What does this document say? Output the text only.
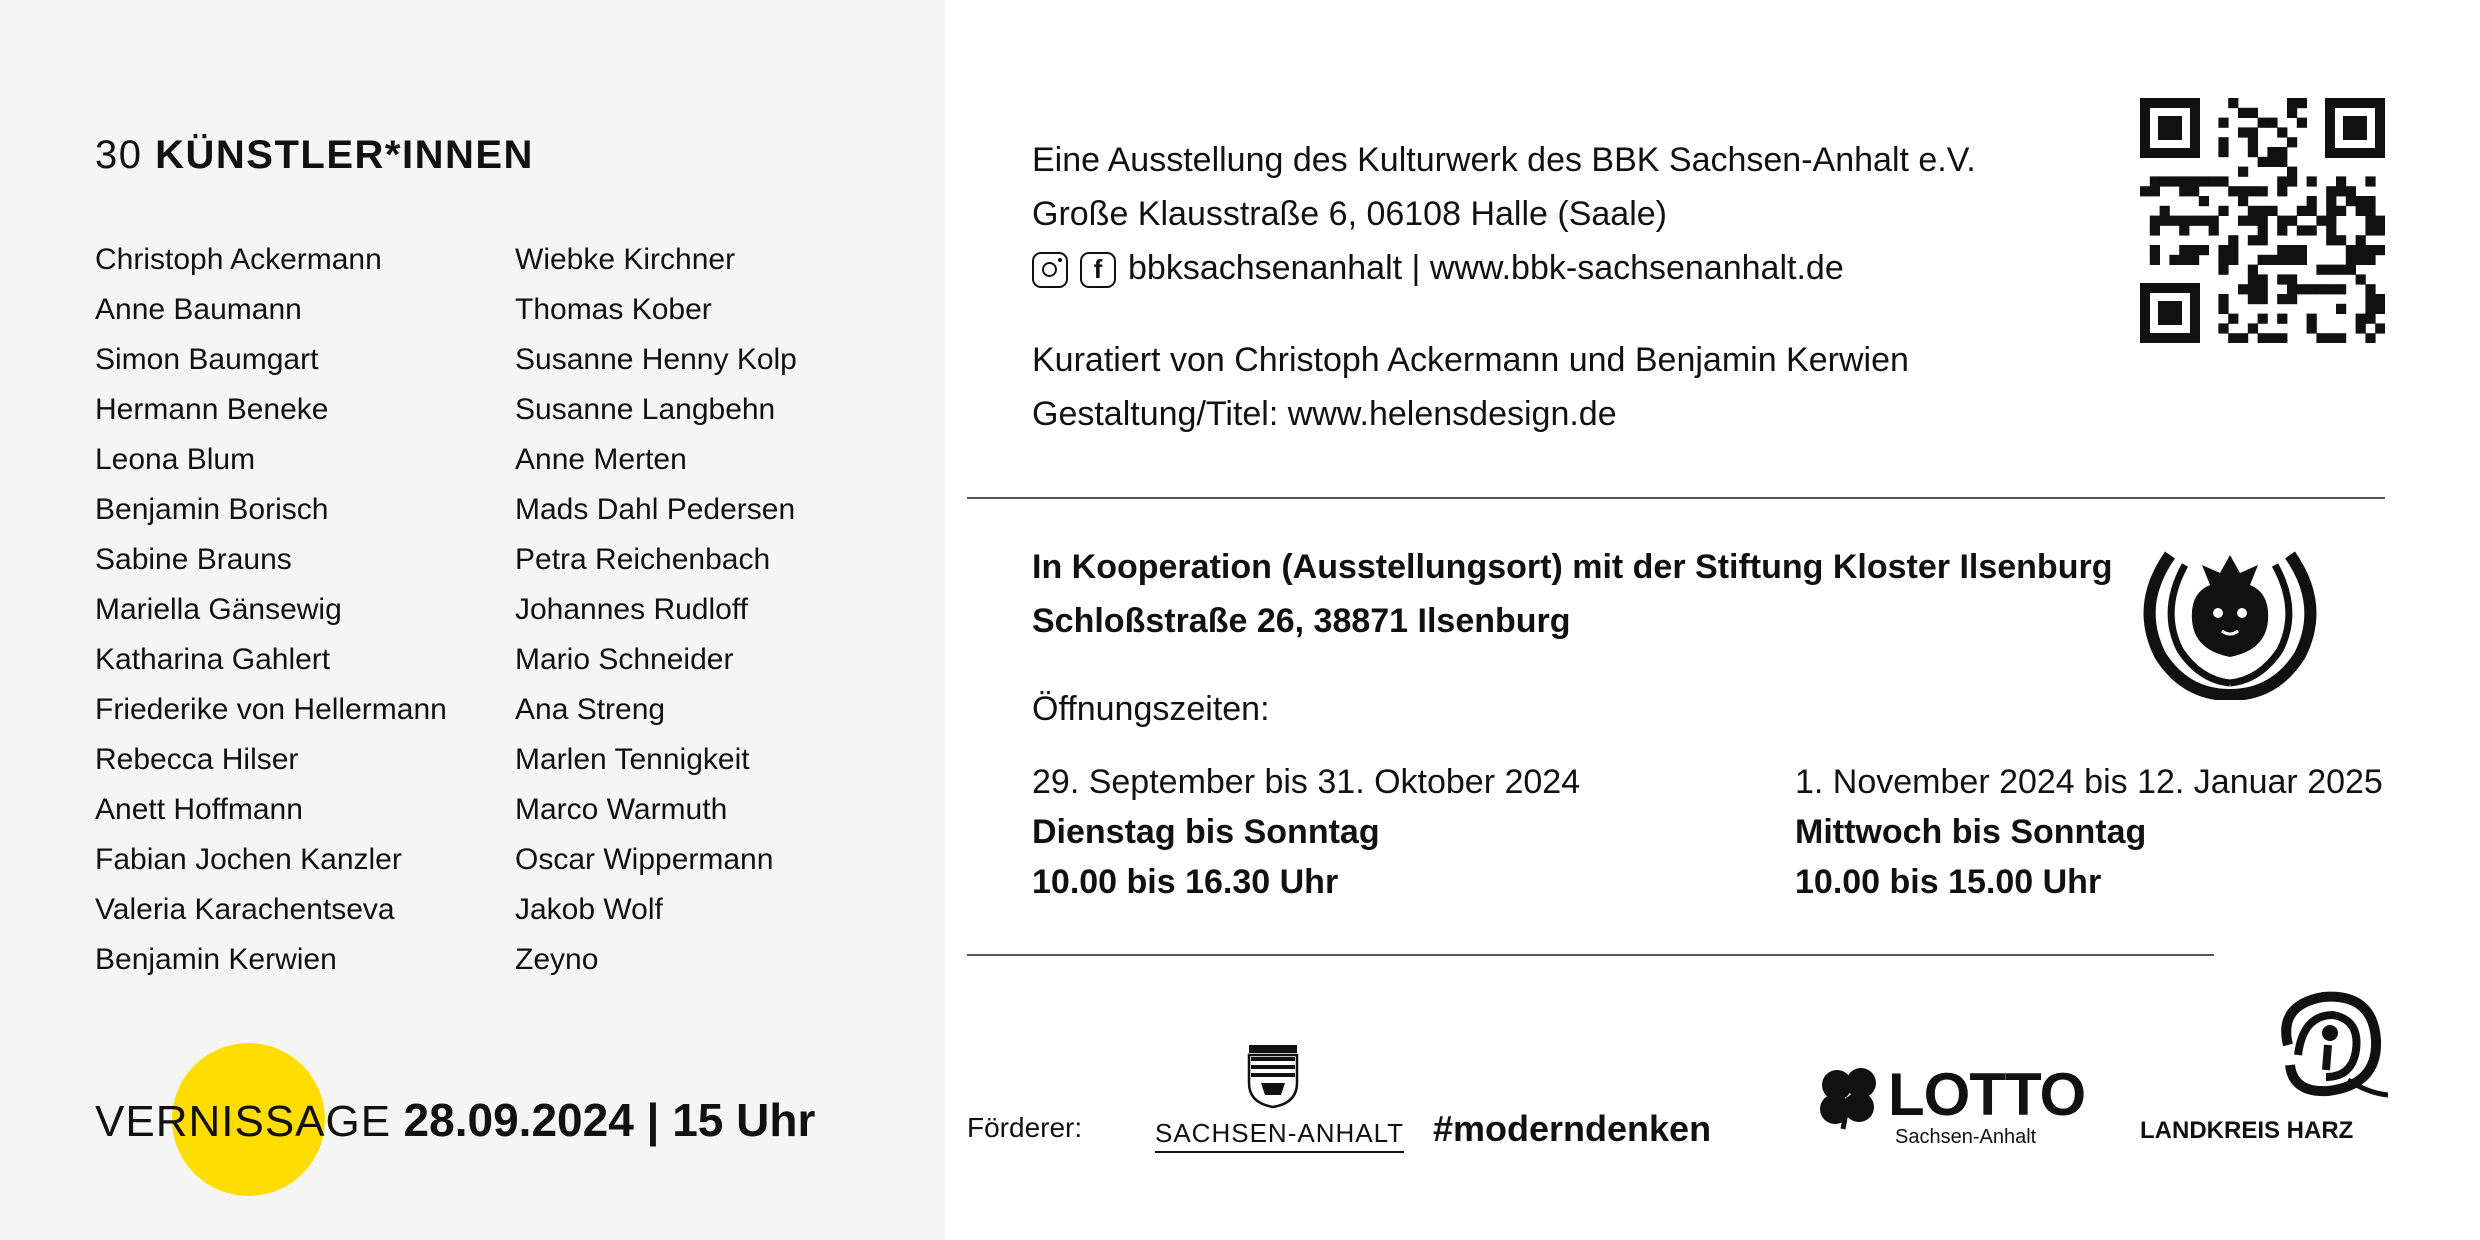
30 KÜNSTLER*INNEN
Christoph Ackermann
Anne Baumann
Simon Baumgart
Hermann Beneke
Leona Blum
Benjamin Borisch
Sabine Brauns
Mariella Gänsewig
Katharina Gahlert
Friederike von Hellermann
Rebecca Hilser
Anett Hoffmann
Fabian Jochen Kanzler
Valeria Karachentseva
Benjamin Kerwien
Wiebke Kirchner
Thomas Kober
Susanne Henny Kolp
Susanne Langbehn
Anne Merten
Mads Dahl Pedersen
Petra Reichenbach
Johannes Rudloff
Mario Schneider
Ana Streng
Marlen Tennigkeit
Marco Warmuth
Oscar Wippermann
Jakob Wolf
Zeyno
VERNISSAGE 28.09.2024 | 15 Uhr
Eine Ausstellung des Kulturwerk des BBK Sachsen-Anhalt e.V.
Große Klausstraße 6, 06108 Halle (Saale)
fbbksachsenanhalt | www.bbk-sachsenanhalt.de
Kuratiert von Christoph Ackermann und Benjamin Kerwien
Gestaltung/Titel: www.helensdesign.de
In Kooperation (Ausstellungsort) mit der Stiftung Kloster Ilsenburg
Schloßstraße 26, 38871 Ilsenburg
Öffnungszeiten:
29. September bis 31. Oktober 2024
Dienstag bis Sonntag
10.00 bis 16.30 Uhr
1. November 2024 bis 12. Januar 2025
Mittwoch bis Sonntag
10.00 bis 15.00 Uhr
Förderer:	SACHSEN-ANHALT #moderndenken
LOTTO
Sachsen-Anhalt	LANDKREIS HARZ
